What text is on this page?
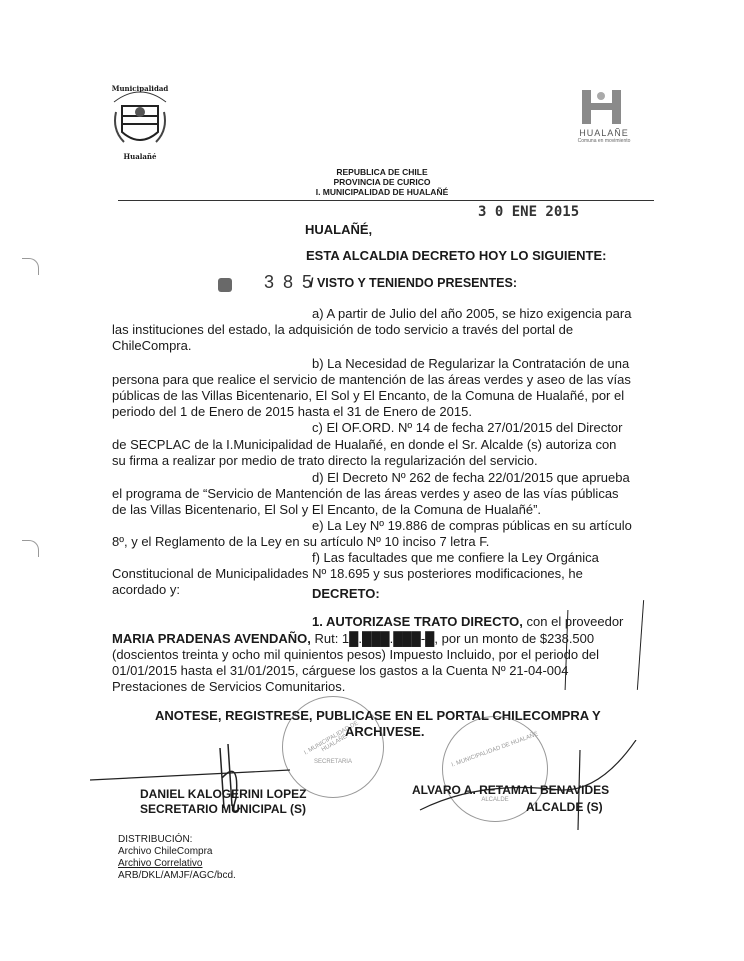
Municipalidad
Hualañé
HUALAÑE
Comuna en movimiento
REPUBLICA DE CHILE
PROVINCIA DE CURICO
I. MUNICIPALIDAD DE HUALAÑÉ
HUALAÑÉ,
3 0 ENE 2015
ESTA ALCALDIA DECRETO HOY LO SIGUIENTE:
3 8 5
/ VISTO Y TENIENDO PRESENTES:
a) A partir de Julio del año 2005, se hizo exigencia para
las instituciones del estado, la adquisición de todo servicio a través del portal de
ChileCompra.
b) La Necesidad de Regularizar la Contratación de una
persona para que realice el servicio de mantención de las áreas verdes y aseo de las vías
públicas de las Villas Bicentenario, El Sol y El Encanto, de la Comuna de Hualañé, por el
periodo del 1 de Enero de 2015 hasta el 31 de Enero de 2015.
c) El OF.ORD. Nº 14 de fecha 27/01/2015 del Director
de SECPLAC de la I.Municipalidad de Hualañé, en donde el Sr. Alcalde (s) autoriza con
su firma a realizar por medio de trato directo la regularización del servicio.
d) El Decreto Nº 262 de fecha 22/01/2015 que aprueba
el programa de “Servicio de Mantención de las áreas verdes y aseo de las vías públicas
de las Villas Bicentenario, El Sol y El Encanto, de la Comuna de Hualañé”.
e) La Ley Nº 19.886 de compras públicas en su artículo
8º, y el Reglamento de la Ley en su artículo Nº 10 inciso 7 letra F.
f) Las facultades que me confiere la Ley Orgánica
Constitucional de Municipalidades Nº 18.695 y sus posteriores modificaciones, he
acordado y:	DECRETO:
1. AUTORIZASE TRATO DIRECTO, con el proveedor
MARIA PRADENAS AVENDAÑO, Rut: 1█.███.███-█, por un monto de $238.500
(doscientos treinta y ocho mil quinientos pesos) Impuesto Incluido, por el periodo del
01/01/2015 hasta el 31/01/2015, cárguese los gastos a la Cuenta Nº 21-04-004
Prestaciones de Servicios Comunitarios.
ANOTESE, REGISTRESE, PUBLICASE EN EL PORTAL CHILECOMPRA Y
ARCHIVESE.
I. MUNICIPALIDAD DE HUALAÑÉ
SECRETARIA	I. MUNICIPALIDAD DE HUALAÑÉ
ALCALDE
DANIEL KALOGERINI LOPEZ
SECRETARIO MUNICIPAL (S)
ALVARO A. RETAMAL BENAVIDES
ALCALDE (S)
DISTRIBUCIÓN:
Archivo ChileCompra
Archivo Correlativo
ARB/DKL/AMJF/AGC/bcd.
